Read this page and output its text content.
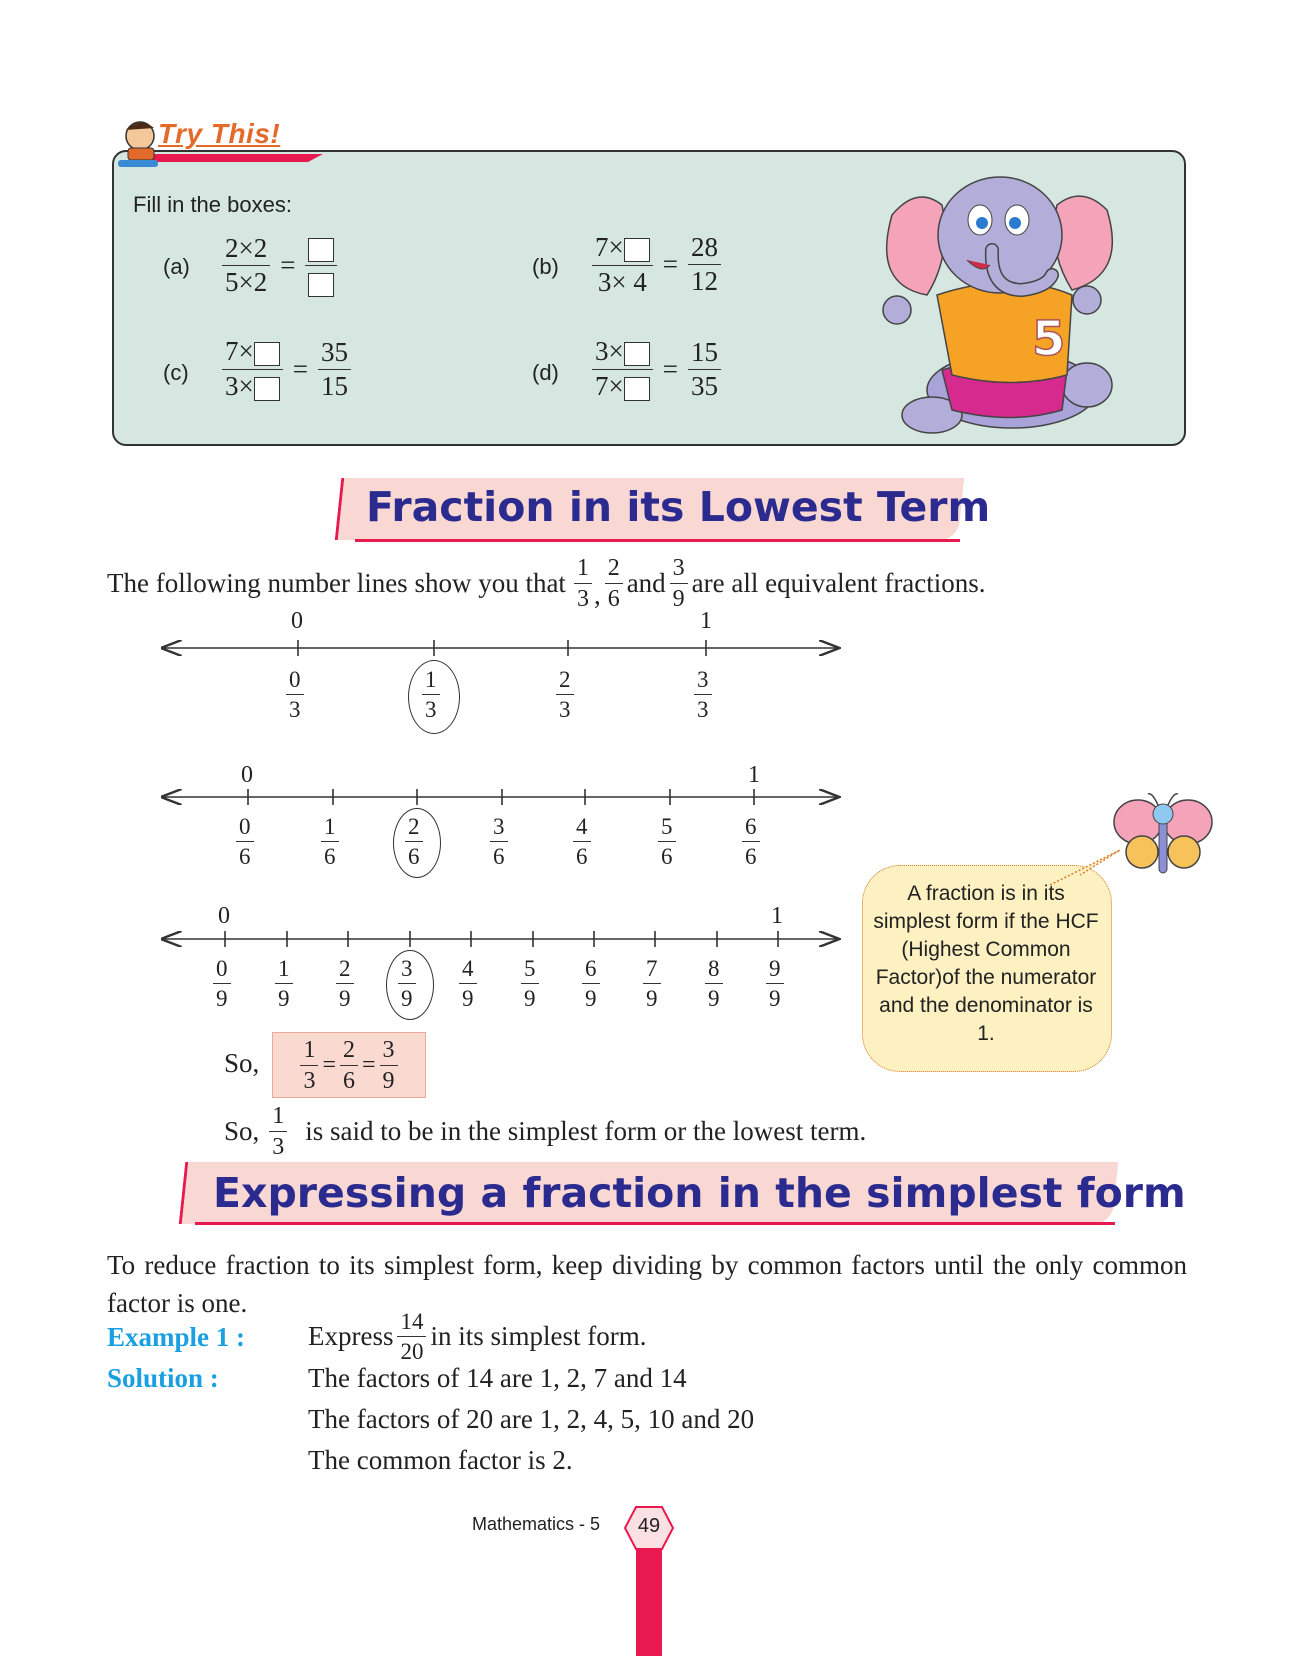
Try This!
Fill in the boxes:
$(a) \frac{2\times 2}{5\times 2}$ =	$(b) \frac{7\times}{3\times 4} = \frac{28}{12}$
$(c) \frac{7\times}{3\times} = \frac{35}{15}$	$(d) \frac{3\times}{7\times} = \frac{15}{35}$	5
Fraction in its Lowest Term
The following number lines show you that $\frac{1}{3}$ , $\frac{2}{6}$ and $\frac{3}{9}$ are all equivalent fractions.
0	1
0	1
0	1
$\frac{0}{3}$	$\frac{1}{3}$	$\frac{2}{3}$	$\frac{3}{3}$
$\frac{0}{6}$	$\frac{1}{6}$	$\frac{2}{6}$	$\frac{3}{6}$	$\frac{4}{6}$	$\frac{5}{6}$	$\frac{6}{6}$
$\frac{0}{9} \frac{1}{9} \frac{2}{9} \frac{3}{9} \frac{4}{9} \frac{5}{9} \frac{6}{9} \frac{7}{9} \frac{8}{9} \frac{9}{9}$
A fraction is in its simplest form if the HCF (Highest Common Factor)of the numerator and the denominator is 1.
So, $\frac{1}{3} = \frac{2}{6} = \frac{3}{9}$
So, $\frac{1}{3}$ is said to be in the simplest form or the lowest term.
Expressing a fraction in the simplest form
To reduce fraction to its simplest form, keep dividing by common factors until the only common factor is one.
Example 1 : Express $\frac{14}{20}$ in its simplest form.
Solution :	The factors of 14 are 1, 2, 7 and 14
The factors of 20 are 1, 2, 4, 5, 10 and 20
The common factor is 2.
Mathematics - 5 49
